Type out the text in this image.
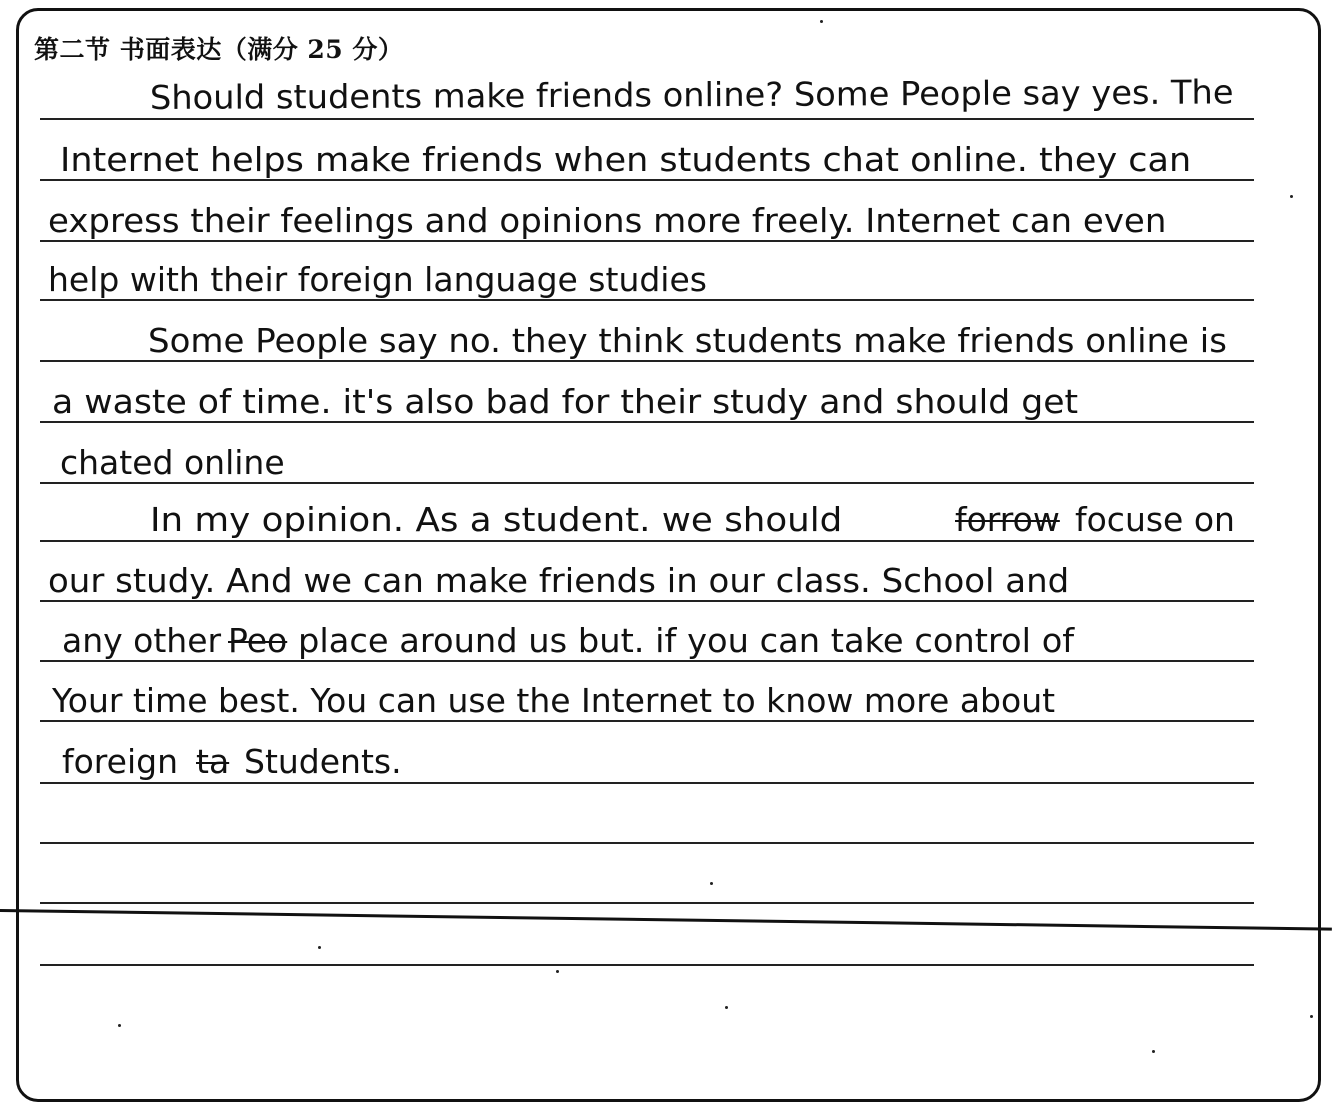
第二节 书面表达（满分 25 分）
Should students make friends online? Some People say yes. The
Internet helps make friends when students chat online. they can
express their feelings and opinions more freely. Internet can even
help with their foreign language studies
Some People say no. they think students make friends online is
a waste of time. it's also bad for their study and should get
chated online
In my opinion. As a student. we should	forrow focuse on
our study. And we can make friends in our class. School and
any other Peo place around us but. if you can take control of
Your time best. You can use the Internet to know more about
foreign ta Students.
